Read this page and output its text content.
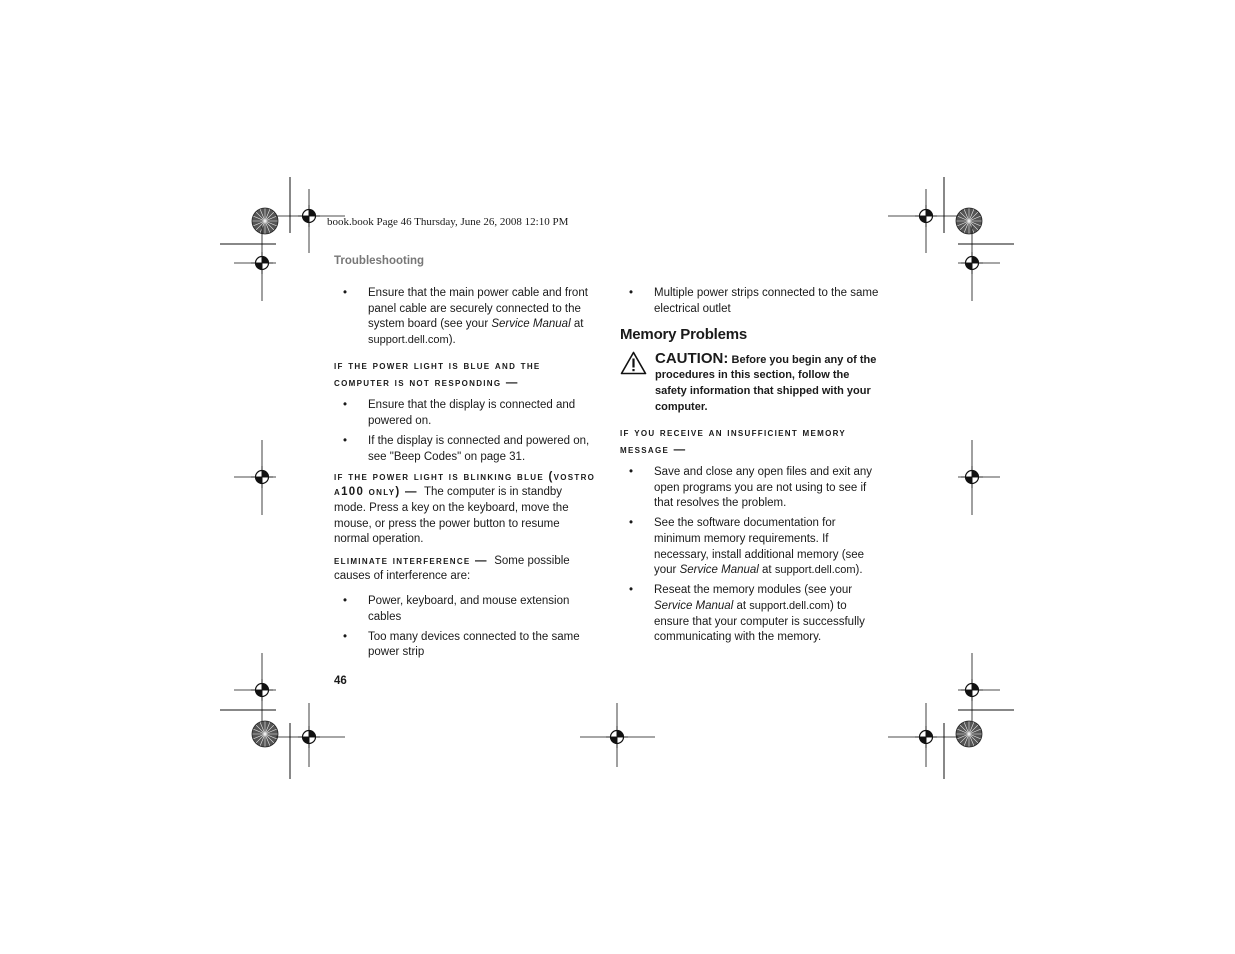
book.book Page 46 Thursday, June 26, 2008 12:10 PM
Troubleshooting
• Ensure that the main power cable and front panel cable are securely connected to the system board (see your Service Manual at support.dell.com).
if the power light is blue and the computer is not responding —
• Ensure that the display is connected and powered on.
• If the display is connected and powered on, see "Beep Codes" on page 31.
if the power light is blinking blue (vostro a100 only) — The computer is in standby mode. Press a key on the keyboard, move the mouse, or press the power button to resume normal operation.
eliminate interference — Some possible causes of interference are:
• Power, keyboard, and mouse extension cables
• Too many devices connected to the same power strip
• Multiple power strips connected to the same electrical outlet
Memory Problems
CAUTION: Before you begin any of the procedures in this section, follow the safety information that shipped with your computer.
if you receive an insufficient memory message —
• Save and close any open files and exit any open programs you are not using to see if that resolves the problem.
• See the software documentation for minimum memory requirements. If necessary, install additional memory (see your Service Manual at support.dell.com).
• Reseat the memory modules (see your Service Manual at support.dell.com) to ensure that your computer is successfully communicating with the memory.
46
